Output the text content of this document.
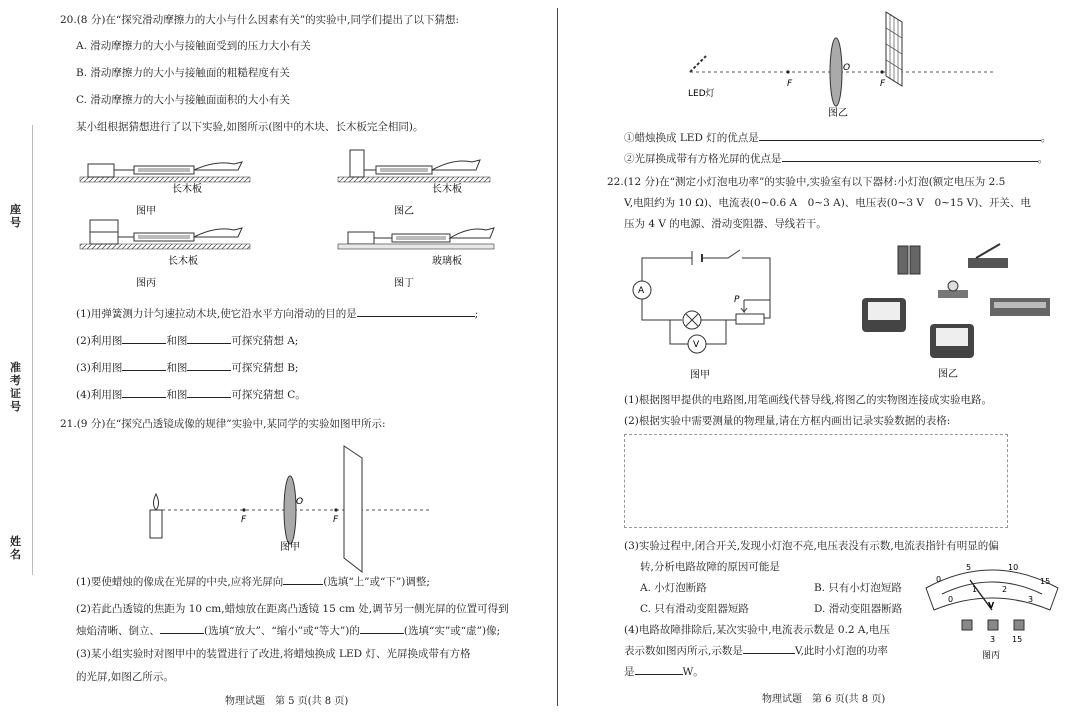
座号
准考证号
姓名
20.(8 分)在“探究滑动摩擦力的大小与什么因素有关”的实验中,同学们提出了以下猜想:
A. 滑动摩擦力的大小与接触面受到的压力大小有关
B. 滑动摩擦力的大小与接触面的粗糙程度有关
C. 滑动摩擦力的大小与接触面面积的大小有关
某小组根据猜想进行了以下实验,如图所示(图中的木块、长木板完全相同)。
长木板
图甲
长木板
图乙
长木板
图丙
玻璃板
图丁
(1)用弹簧测力计匀速拉动木块,使它沿水平方向滑动的目的是	;
(2)利用图	和图	可探究猜想 A;
(3)利用图	和图	可探究猜想 B;
(4)利用图	和图	可探究猜想 C。
21.(9 分)在“探究凸透镜成像的规律”实验中,某同学的实验如图甲所示:
F
O
F
图甲
(1)要使蜡烛的像成在光屏的中央,应将光屏向	(选填“上”或“下”)调整;
(2)若此凸透镜的焦距为 10 cm,蜡烛放在距离凸透镜 15 cm 处,调节另一侧光屏的位置可得到
烛焰清晰、倒立、	(选填“放大”、“缩小”或“等大”)的	(选填“实”或“虚”)像;
(3)某小组实验时对图甲中的装置进行了改进,将蜡烛换成 LED 灯、光屏换成带有方格
的光屏,如图乙所示。
物理试题　第 5 页(共 8 页)
LED灯
F
O
F
图乙
①蜡烛换成 LED 灯的优点是	。
②光屏换成带有方格光屏的优点是	。
22.(12 分)在“测定小灯泡电功率”的实验中,实验室有以下器材:小灯泡(额定电压为 2.5
V,电阻约为 10 Ω)、电流表(0∼0.6 A　0∼3 A)、电压表(0∼3 V　0∼15 V)、开关、电
压为 4 V 的电源、滑动变阻器、导线若干。
A
P
V
图甲	图乙
(1)根据图甲提供的电路图,用笔画线代替导线,将图乙的实物图连接成实验电路。
(2)根据实验中需要测量的物理量,请在方框内画出记录实验数据的表格:
(3)实验过程中,闭合开关,发现小灯泡不亮,电压表没有示数,电流表指针有明显的偏
转,分析电路故障的原因可能是
A. 小灯泡断路	B. 只有小灯泡短路
C. 只有滑动变阻器短路	D. 滑动变阻器断路
(4)电路故障排除后,某次实验中,电流表示数是 0.2 A,电压
表示数如图丙所示,示数是	V,此时小灯泡的功率
是	W。
0
5	10
15
0
1	2
3
V
3 15
图丙
物理试题　第 6 页(共 8 页)
